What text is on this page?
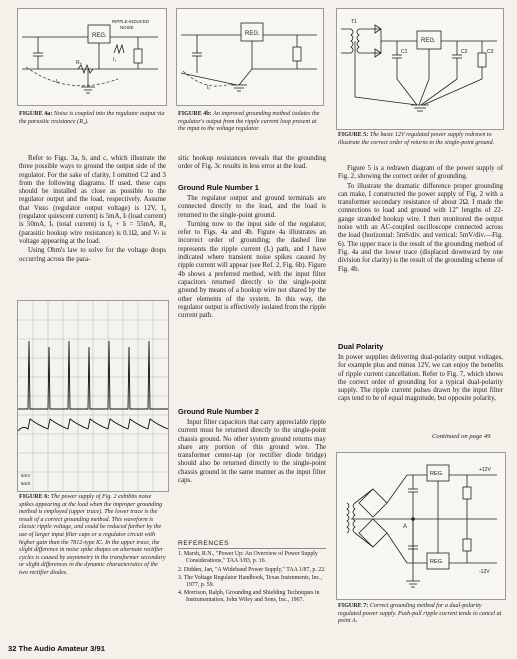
REG.
RIPPLE-INDUCED
NOISE
I₁
R₄
Iₓ
FIGURE 4a: Noise is coupled into the regulator output via the parasitic resistance (R₄).
REG.
Iₓ
FIGURE 4b: An improved grounding method isolates the regulator's output from the ripple current loop present at the input to the voltage regulator.
T1
C1
REG.
C2	C3
FIGURE 5: The basic 12V regulated power supply redrawn to illustrate the correct order of returns to the single-point ground.

Refer to Figs. 3a, b, and c, which illustrate the three possible ways to ground the output side of the regulator. For the sake of clarity, I omitted C2 and 3 from the following diagrams. If used, these caps should be installed as close as possible to the regulator output and the load, respectively. Assume that Vʀᴇɢ (regulator output voltage) is 12V, I₀ (regulator quiescent current) is 5mA, Iₗ (load current) is 50mA, Iₜ (total current) is I₀ + Iₗ = 55mA, R₄ (parasitic hookup wire resistance) is 0.1Ω, and Vₗ is voltage appearing at the load.

Using Ohm's law to solve for the voltage drops occurring across the para-

5mV
5mS
FIGURE 6: The power supply of Fig. 2 exhibits noise spikes appearing at the load when the improper grounding method is employed (upper trace). The lower trace is the result of a correct grounding method. This waveform is classic ripple voltage, and could be reduced further by the use of larger input filter caps or a regulator circuit with higher gain than the 7812-type IC. In the upper trace, the slight difference in noise spike shapes on alternate rectifier cycles is caused by asymmetry in the transformer secondary or slight differences in the dynamic characteristics of the two rectifier diodes.

sitic hookup resistances reveals that the grounding order of Fig. 3c results in less error at the load.

Ground Rule Number 1

The regulator output and ground terminals are connected directly to the load, and the load is returned to the single-point ground.

Turning now to the input side of the regulator, refer to Figs. 4a and 4b. Figure 4a illustrates an incorrect order of grounding; the dashed line represents the ripple current (Iₓ) path, and I have indicated where transient noise spikes caused by ripple current will appear (see Ref. 2, Fig. 6b). Figure 4b shows a preferred method, with the input filter capacitors returned directly to the single-point ground by means of a hookup wire not shared by the other elements of the system. In this way, the regulator output is effectively isolated from the ripple current path.

Ground Rule Number 2

Input filter capacitors that carry appreciable ripple current must be returned directly to the single-point chassis ground. No other system ground returns may share any portion of this ground wire. The transformer center-tap (or rectifier diode bridge) should also be returned directly to the single-point chassis ground in the same manner as the input filter caps.

REFERENCES
1. Marsh, R.N., "Power Up: An Overview of Power Supply Considerations," TAA 3/83, p. 16.
2. Didden, Jan, "A Wideband Power Supply," TAA 1/87, p. 22.
3. The Voltage Regulator Handbook, Texas Instruments, Inc., 1977, p. 59.
4. Morrison, Ralph, Grounding and Shielding Techniques in Instrumentation, John Wiley and Sons, Inc., 1967.

Figure 5 is a redrawn diagram of the power supply of Fig. 2, showing the correct order of grounding.

To illustrate the dramatic difference proper grounding can make, I constructed the power supply of Fig. 2 with a transformer secondary resistance of about 2Ω. I made the connections to load and ground with 12" lengths of 22-gauge stranded hookup wire. I then monitored the output noise with an AC-coupled oscilloscope connected across the load (horizontal: 5mS/div. and vertical: 5mV/div.—Fig. 6). The upper trace is the result of the grounding method of Fig. 4a and the lower trace (displaced downward by one division for clarity) is the result of the grounding scheme of Fig. 4b.

Dual Polarity

In power supplies delivering dual-polarity output voltages, for example plus and minus 12V, we can enjoy the benefits of ripple current cancellation. Refer to Fig. 7, which shows the correct order of grounding for a typical dual-polarity supply. The ripple current pulses drawn by the input filter caps tend to be of equal magnitude, but opposite polarity,

Continued on page 49
REG.
+12V
REG.
-12V
A
FIGURE 7: Correct grounding method for a dual-polarity regulated power supply. Push-pull ripple current tends to cancel at point A.
32 The Audio Amateur 3/91
